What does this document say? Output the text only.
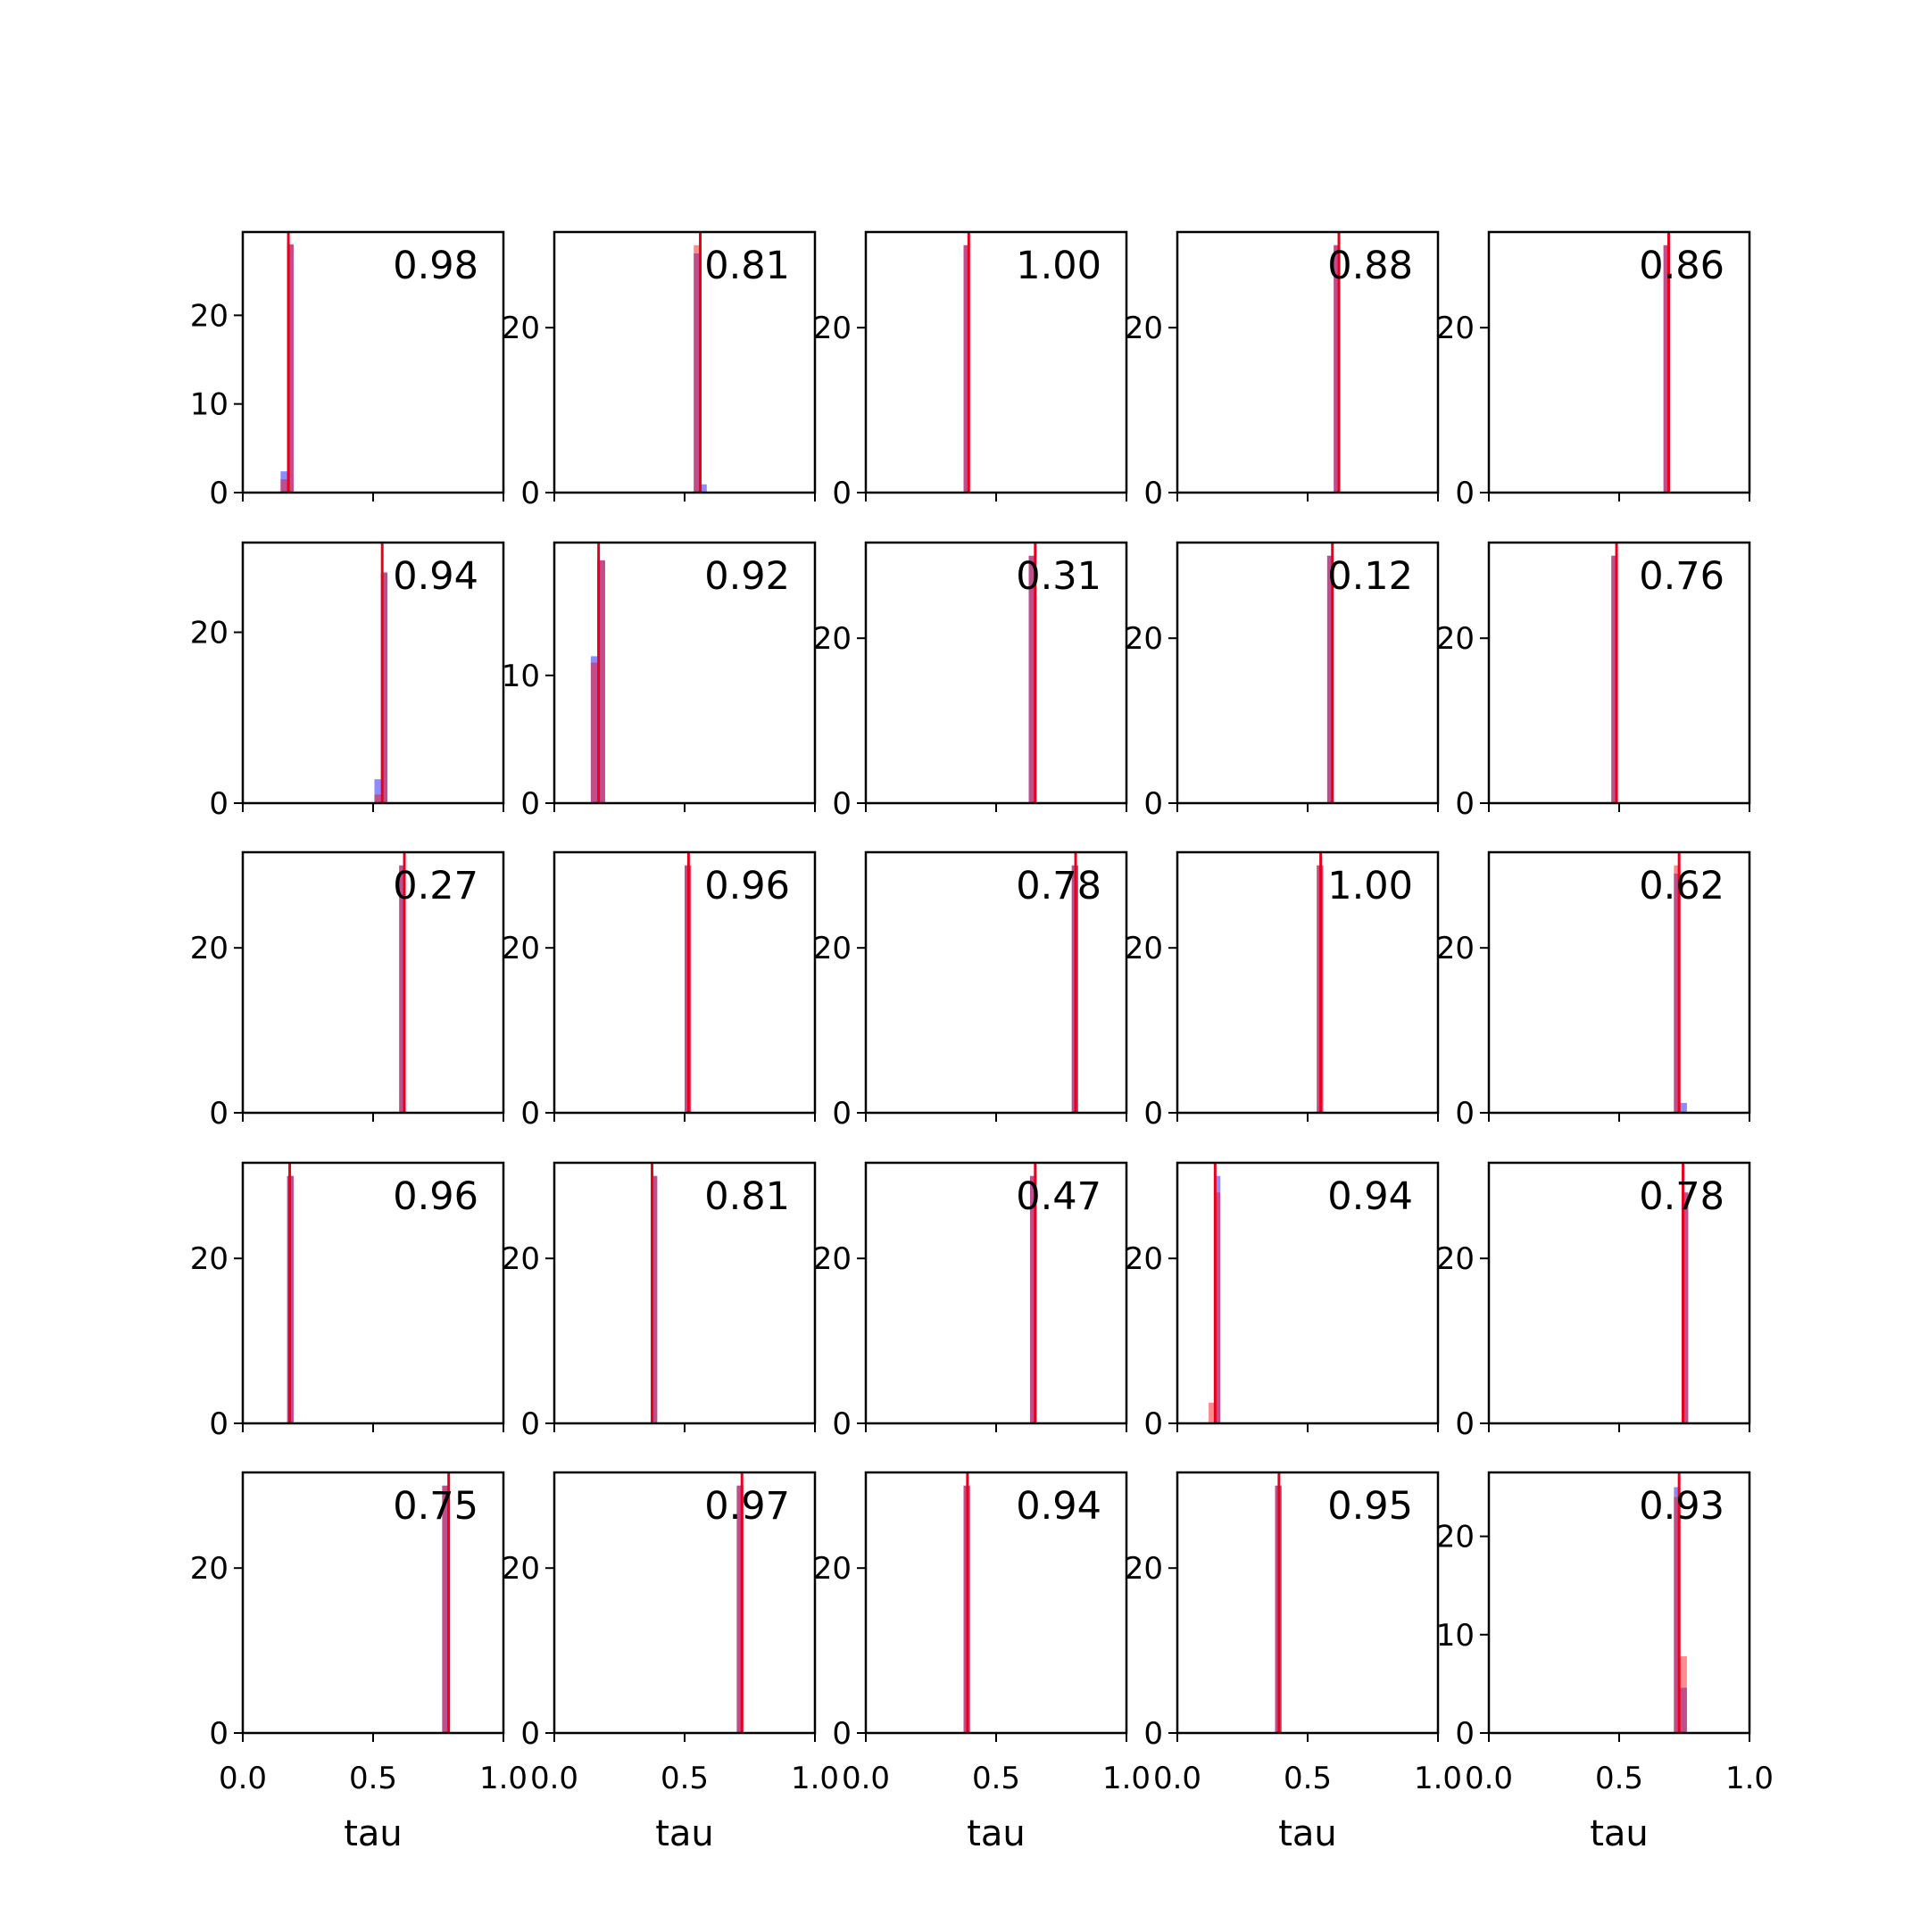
0
10
20
0.98
0
20
0.81
0
20
1.00
0
20
0.88
0
20
0.86
0
20
0.94
0
10
0.92
0
20
0.31
0
20
0.12
0
20
0.76
0
20
0.27
0
20
0.96
0
20
0.78
0
20
1.00
0
20
0.62
0
20
0.96
0
20
0.81
0
20
0.47
0
20
0.94
0
20
0.78
0
20
0.0	0.5	1.0
tau
0.75
0
20
0.0	0.5	1.0
tau
0.97
0
20
0.0	0.5	1.0
tau
0.94
0
20
0.0	0.5	1.0
tau
0.95
0
10
20
0.0	0.5	1.0
tau
0.93
